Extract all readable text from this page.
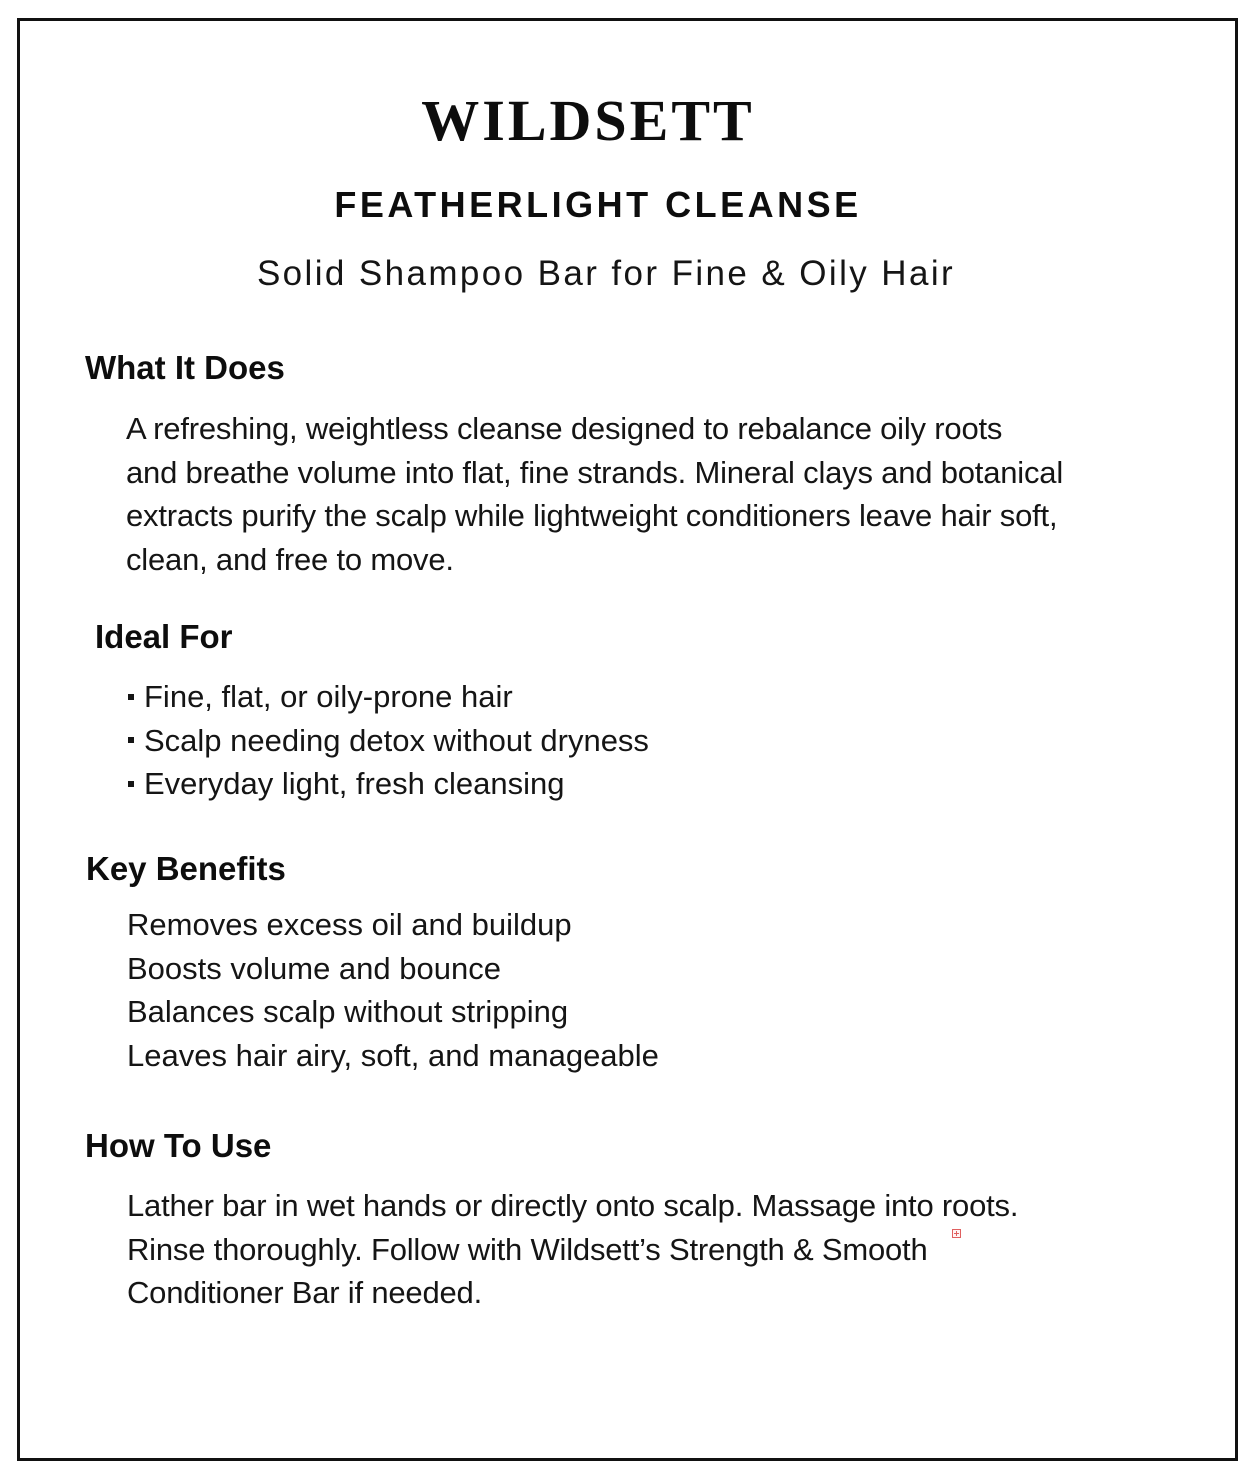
WILDSETT
FEATHERLIGHT CLEANSE
Solid Shampoo Bar for Fine & Oily Hair
What It Does
A refreshing, weightless cleanse designed to rebalance oily roots
and breathe volume into flat, fine strands. Mineral clays and botanical
extracts purify the scalp while lightweight conditioners leave hair soft,
clean, and free to move.
Ideal For
Fine, flat, or oily-prone hair
Scalp needing detox without dryness
Everyday light, fresh cleansing
Key Benefits
Removes excess oil and buildup
Boosts volume and bounce
Balances scalp without stripping
Leaves hair airy, soft, and manageable
How To Use
Lather bar in wet hands or directly onto scalp. Massage into roots.
Rinse thoroughly. Follow with Wildsett’s Strength & Smooth
Conditioner Bar if needed.
